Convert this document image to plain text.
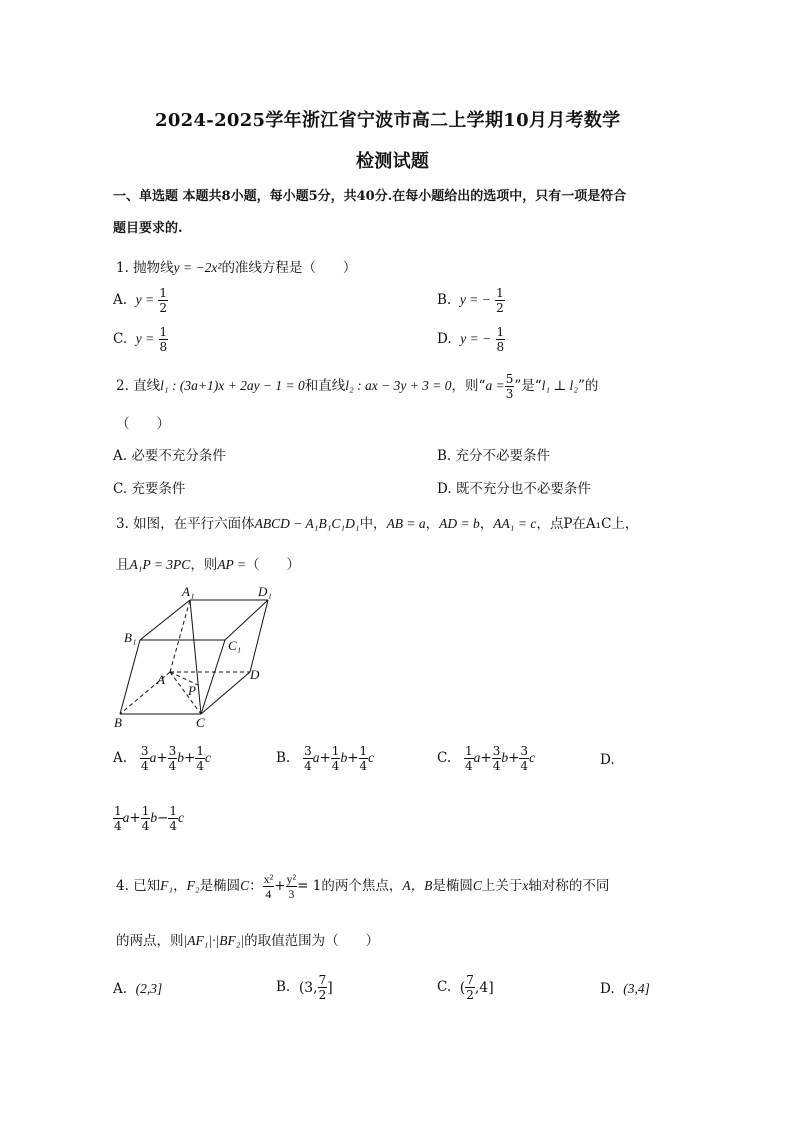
2024-2025学年浙江省宁波市高二上学期10月月考数学
检测试题
一、单选题 本题共8小题，每小题5分，共40分.在每小题给出的选项中，只有一项是符合
题目要求的.
1. 抛物线y = −2x²的准线方程是（　　）
A. $y = \frac{1}{2}$	B. y = − $\frac{1}{2}$
C. $y = \frac{1}{8}$	D. y = − $\frac{1}{8}$
2. 直线l₁ : (3a+1)x + 2ay − 1 = 0和直线l₂ : ax − 3y + 3 = 0，则“$a = \frac{5}{3}$ ”是“l₁ ⊥ l₂”的
（　　）
A. 必要不充分条件	B. 充分不必要条件
C. 充要条件	D. 既不充分也不必要条件
3. 如图，在平行六面体ABCD − A₁B₁C₁D₁中，AB = a，AD = b，AA₁ = c，点P在A₁C上，
且A₁P = 3PC，则AP =（　　）
A₁	D₁
B₁
C₁
A	D
P
B	C
A. $\frac{3}{4} a+ \frac{3}{4} b+ \frac{1}{4}$ c	B. $\frac{3}{4} a+ \frac{1}{4} b+ \frac{1}{4}$ c	C. $\frac{1}{4} a+ \frac{3}{4} b+ \frac{3}{4}$ c	D.
$\frac{1}{4} a+ \frac{1}{4} b- \frac{1}{4}$ c
4. 已知F₁，F₂是椭圆C： $\frac{\text{x²}}{4} + \frac{\text{y²}}{3} = 1$的两个焦点，A，B是椭圆C上关于x轴对称的不同
的两点，则|AF₁|·|BF₂|的取值范围为（　　）
A. (2,3]	B. (3, $\frac{7}{2}$ ]	C. ( $\frac{7}{2} ,4$]	D. (3,4]
